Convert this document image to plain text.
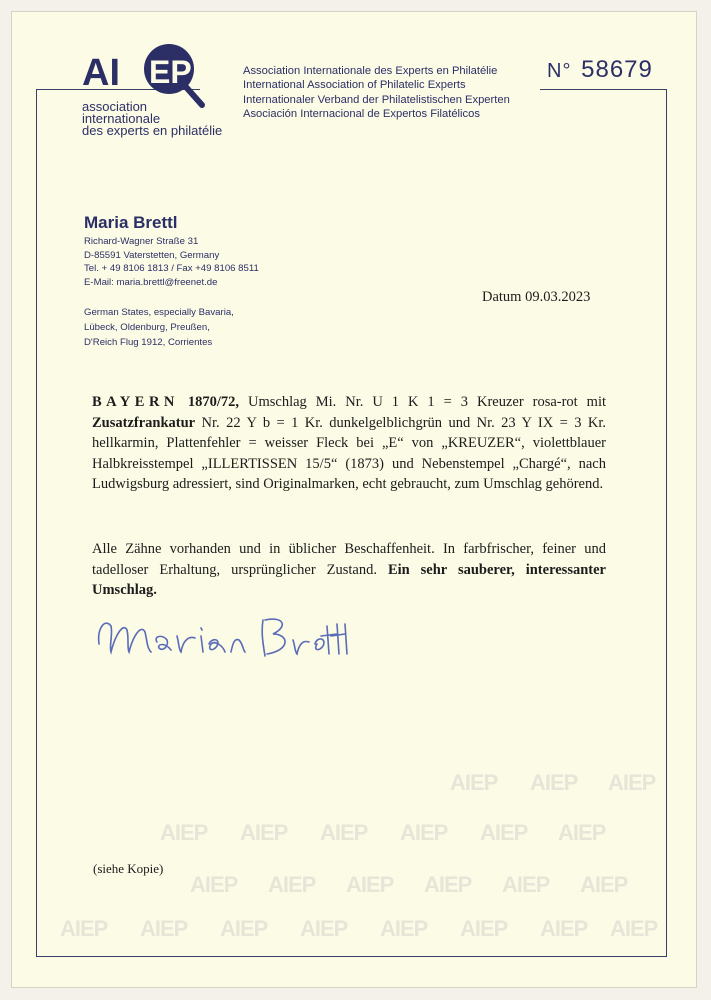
AIEP AIEP AIEP
AIEP AIEP AIEP AIEP AIEP AIEP
AIEP AIEP AIEP AIEP AIEP AIEP
AIEP AIEP AIEP AIEP AIEP AIEP AIEP AIEP
AI EP
association
internationale
des experts en philatélie
Association Internationale des Experts en Philatélie
International Association of Philatelic Experts
Internationaler Verband der Philatelistischen Experten
Asociación Internacional de Expertos Filatélicos
N° 58679
Maria Brettl
Richard-Wagner Straße 31
D-85591 Vaterstetten, Germany
Tel. + 49 8106 1813 / Fax +49 8106 8511
E-Mail: maria.brettl@freenet.de
German States, especially Bavaria,
Lübeck, Oldenburg, Preußen,
D'Reich Flug 1912, Corrientes
Datum 09.03.2023
BAYERN 1870/72, Umschlag Mi. Nr. U 1 K 1 = 3 Kreuzer rosa-rot mit Zusatzfrankatur Nr. 22 Y b = 1 Kr. dunkelgelblichgrün und Nr. 23 Y IX = 3 Kr. hellkarmin, Plattenfehler = weisser Fleck bei „E“ von „KREUZER“, violettblauer Halbkreisstempel „ILLERTISSEN 15/5“ (1873) und Nebenstempel „Chargé“, nach Ludwigsburg adressiert, sind Originalmarken, echt gebraucht, zum Umschlag gehörend.
Alle Zähne vorhanden und in üblicher Beschaffenheit. In farbfrischer, feiner und tadelloser Erhaltung, ursprünglicher Zustand. Ein sehr sauberer, interessanter Umschlag.
(siehe Kopie)
